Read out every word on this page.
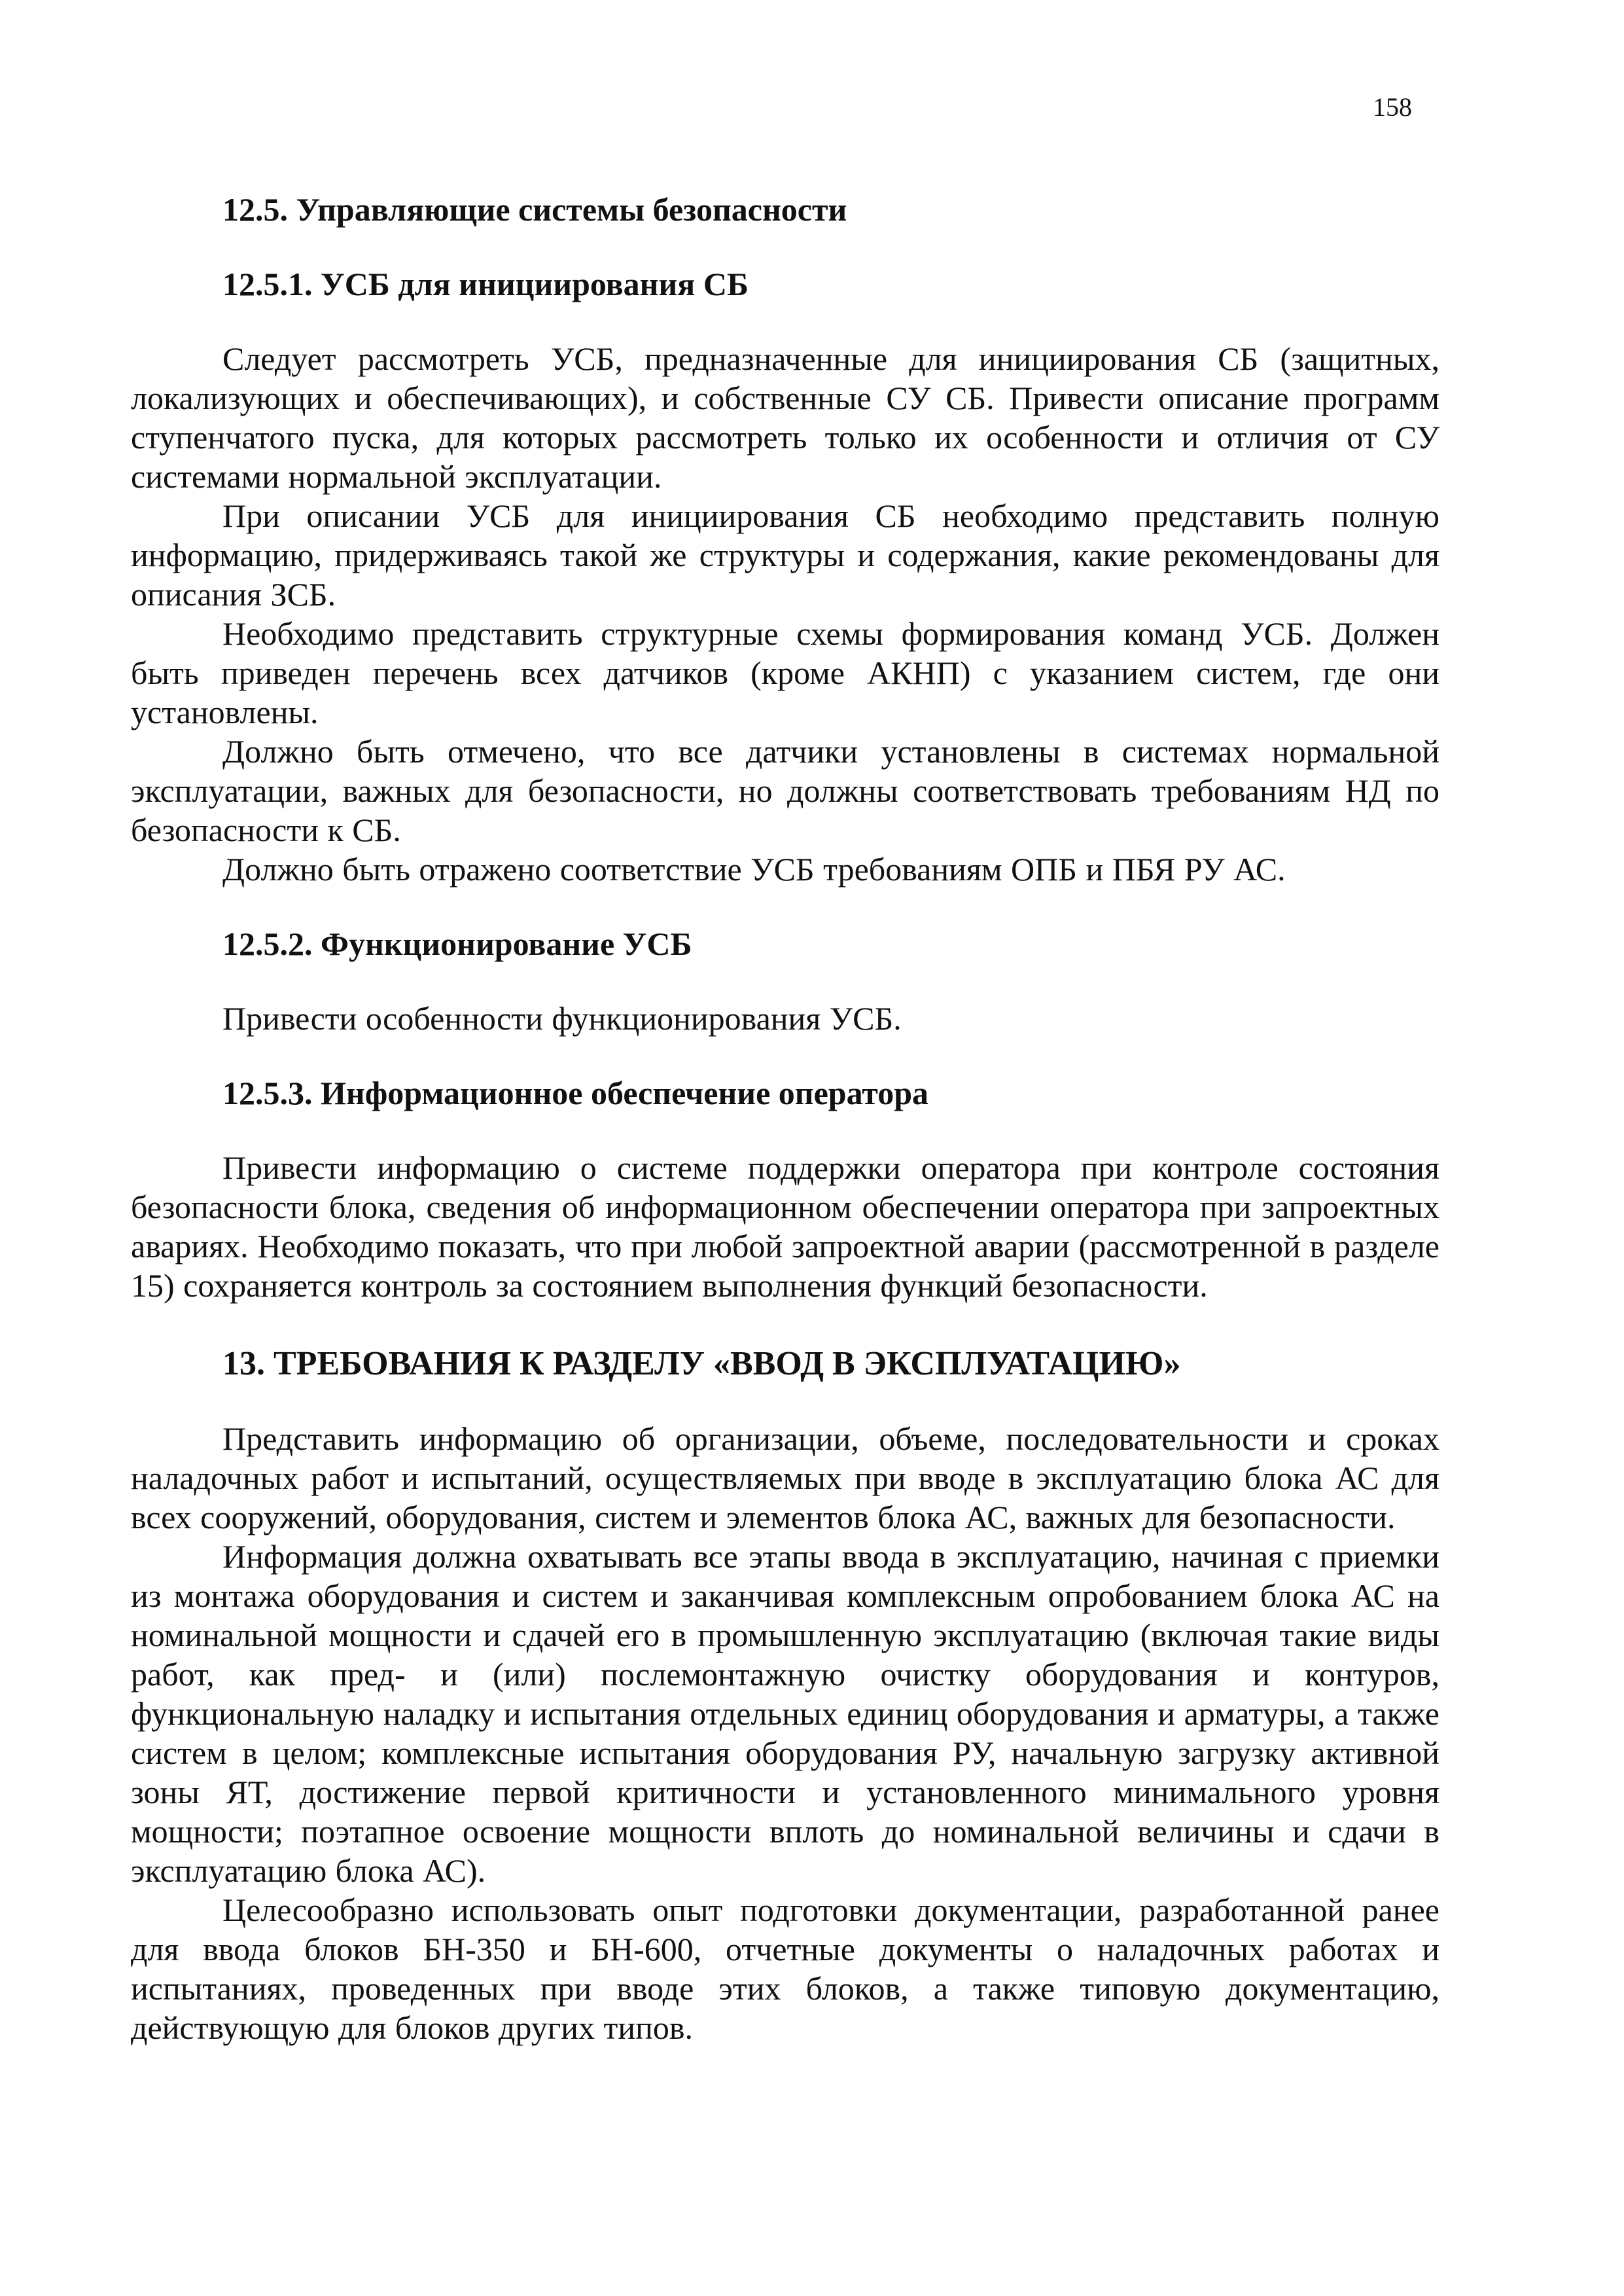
158

12.5. Управляющие системы безопасности

12.5.1. УСБ для инициирования СБ

Следует рассмотреть УСБ, предназначенные для инициирования СБ (защитных, локализующих и обеспечивающих), и собственные СУ СБ. Привести описание программ ступенчатого пуска, для которых рассмотреть только их особенности и отличия от СУ системами нормальной эксплуатации.

При описании УСБ для инициирования СБ необходимо представить полную информацию, придерживаясь такой же структуры и содержания, какие рекомендованы для описания ЗСБ.

Необходимо представить структурные схемы формирования команд УСБ. Должен быть приведен перечень всех датчиков (кроме АКНП) с указанием систем, где они установлены.

Должно быть отмечено, что все датчики установлены в системах нормальной эксплуатации, важных для безопасности, но должны соответствовать требованиям НД по безопасности к СБ.

Должно быть отражено соответствие УСБ требованиям ОПБ и ПБЯ РУ АС.

12.5.2. Функционирование УСБ

Привести особенности функционирования УСБ.

12.5.3. Информационное обеспечение оператора

Привести информацию о системе поддержки оператора при контроле состояния безопасности блока, сведения об информационном обеспечении оператора при запроектных авариях. Необходимо показать, что при любой запроектной аварии (рассмотренной в разделе 15) сохраняется контроль за состоянием выполнения функций безопасности.

13. ТРЕБОВАНИЯ К РАЗДЕЛУ «ВВОД В ЭКСПЛУАТАЦИЮ»

Представить информацию об организации, объеме, последовательности и сроках наладочных работ и испытаний, осуществляемых при вводе в эксплуатацию блока АС для всех сооружений, оборудования, систем и элементов блока АС, важных для безопасности.

Информация должна охватывать все этапы ввода в эксплуатацию, начиная с приемки из монтажа оборудования и систем и заканчивая комплексным опробованием блока АС на номинальной мощности и сдачей его в промышленную эксплуатацию (включая такие виды работ, как пред- и (или) послемонтажную очистку оборудования и контуров, функциональную наладку и испытания отдельных единиц оборудования и арматуры, а также систем в целом; комплексные испытания оборудования РУ, начальную загрузку активной зоны ЯТ, достижение первой критичности и установленного минимального уровня мощности; поэтапное освоение мощности вплоть до номинальной величины и сдачи в эксплуатацию блока АС).

Целесообразно использовать опыт подготовки документации, разработанной ранее для ввода блоков БН-350 и БН-600, отчетные документы о наладочных работах и испытаниях, проведенных при вводе этих блоков, а также типовую документацию, действующую для блоков других типов.
